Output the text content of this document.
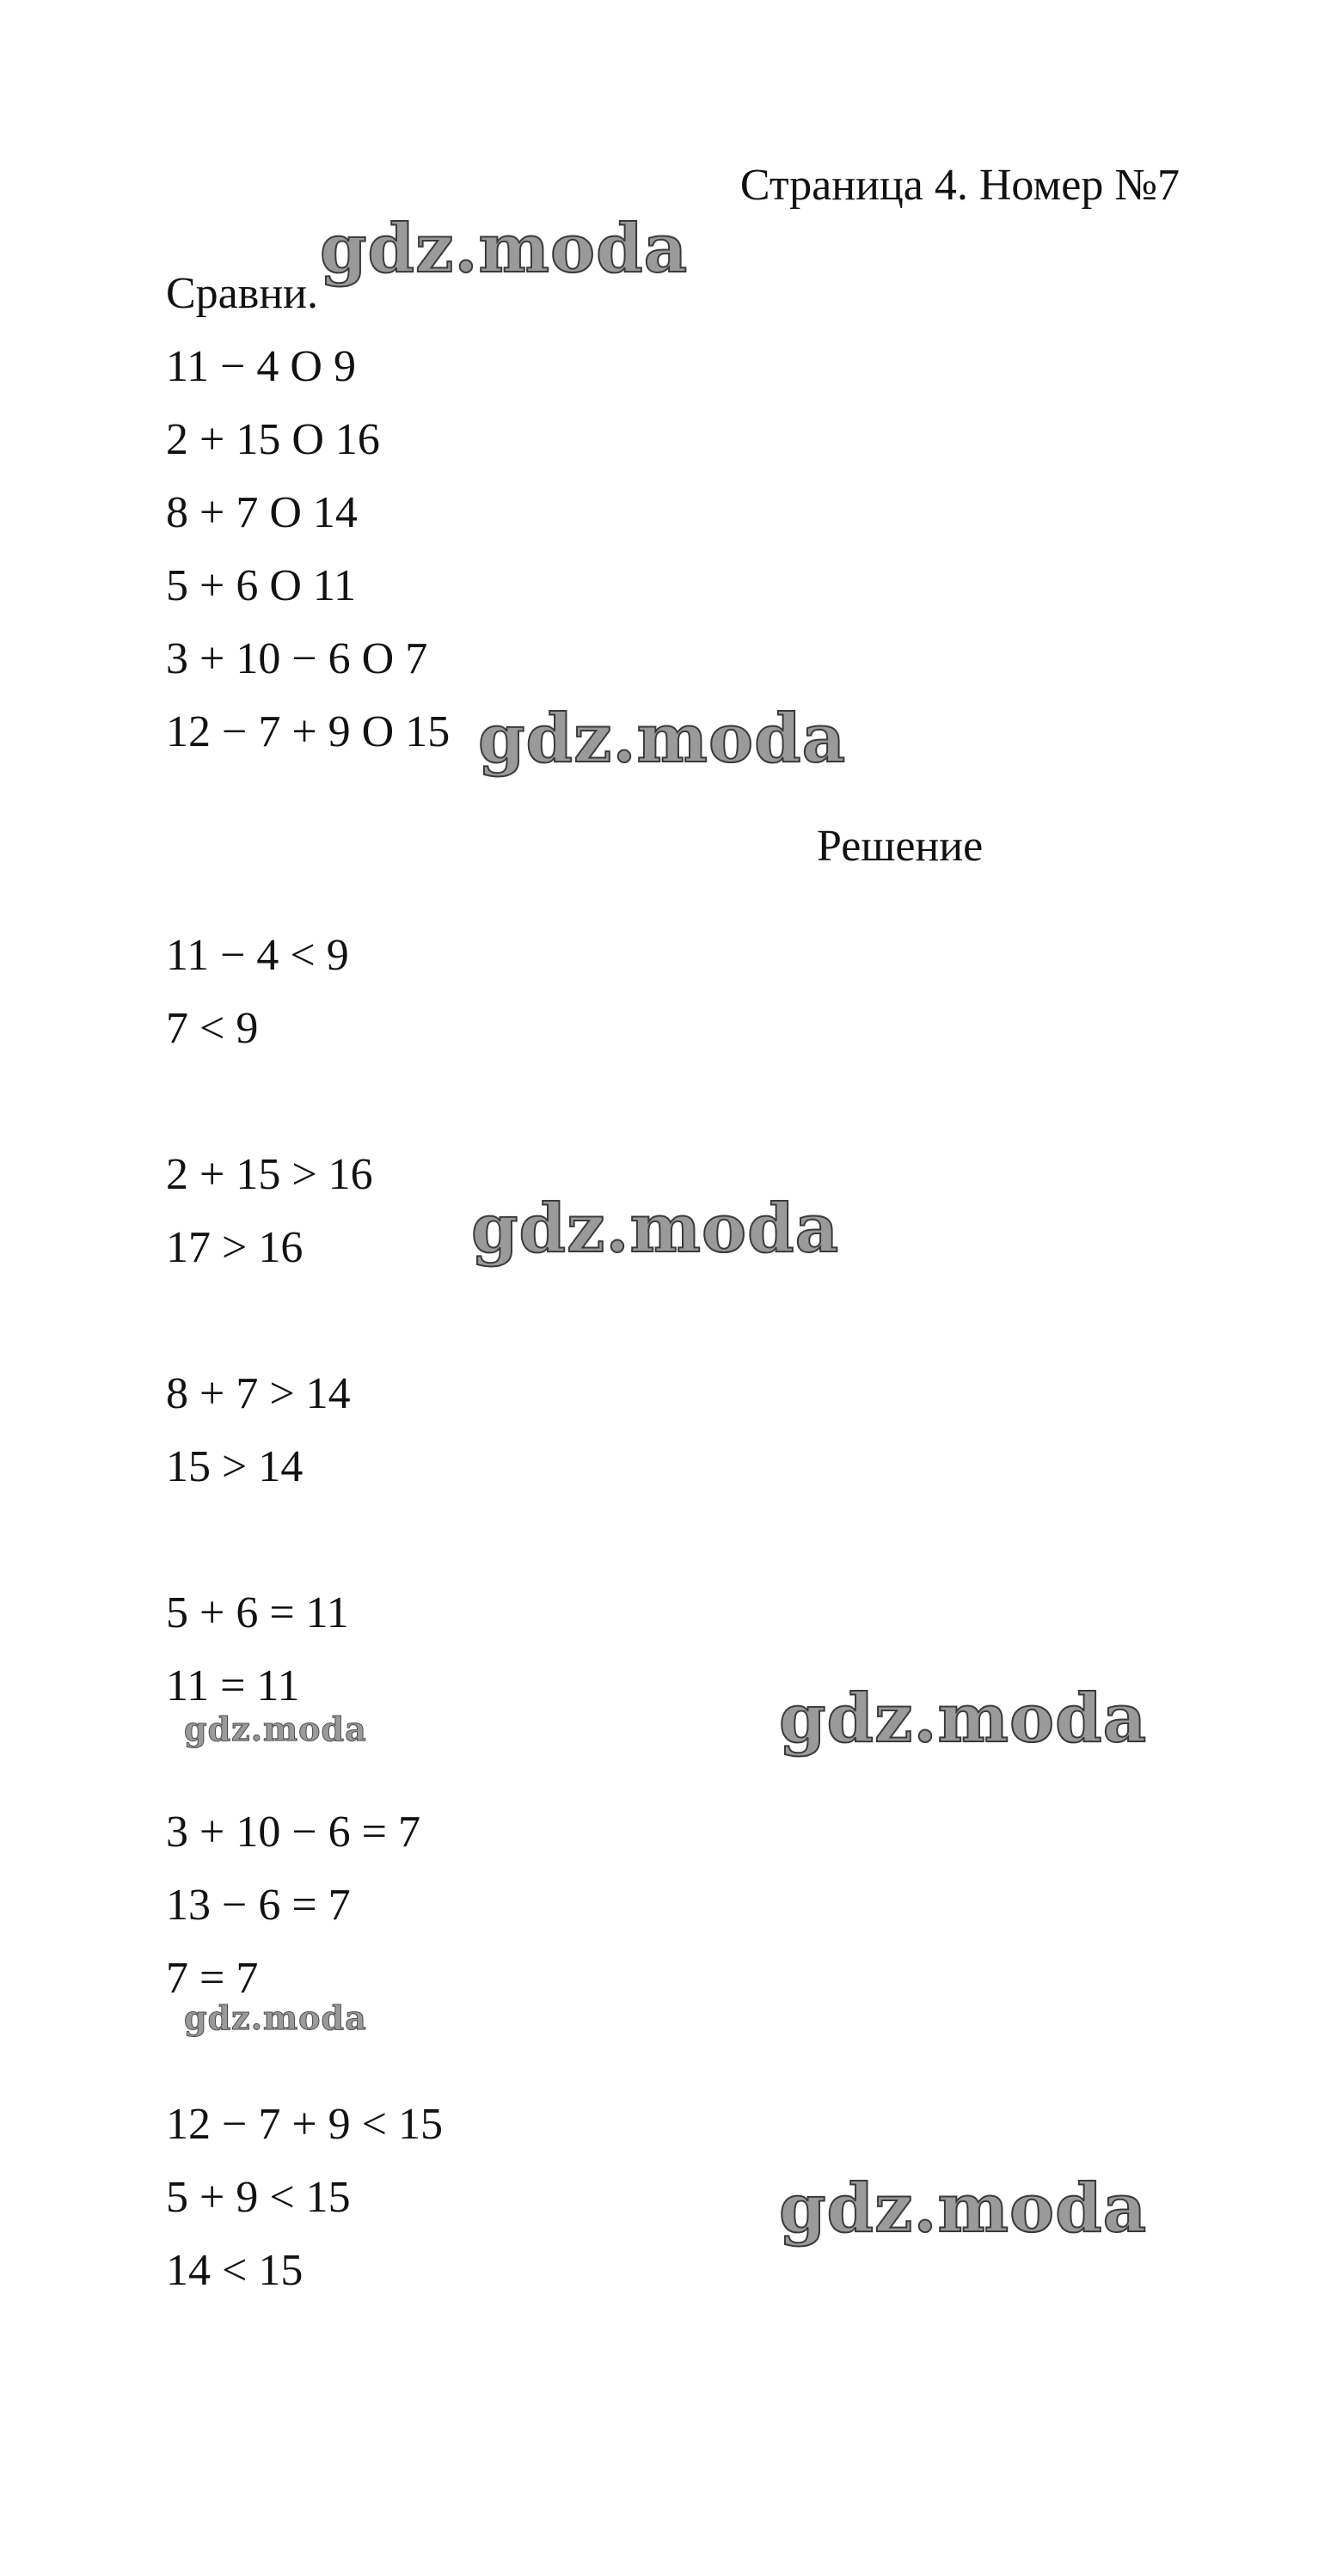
Страница 4. Номер №7
Сравни.
11 − 4 O 9
2 + 15 O 16
8 + 7 O 14
5 + 6 O 11
3 + 10 − 6 O 7
12 − 7 + 9 O 15
Решение
11 − 4 < 9
7 < 9
2 + 15 > 16
17 > 16
8 + 7 > 14
15 > 14
5 + 6 = 11
11 = 11
3 + 10 − 6 = 7
13 − 6 = 7
7 = 7
12 − 7 + 9 < 15
5 + 9 < 15
14 < 15
gdz.moda
gdz.moda
gdz.moda
gdz.moda
gdz.moda
gdz.moda
gdz.moda
